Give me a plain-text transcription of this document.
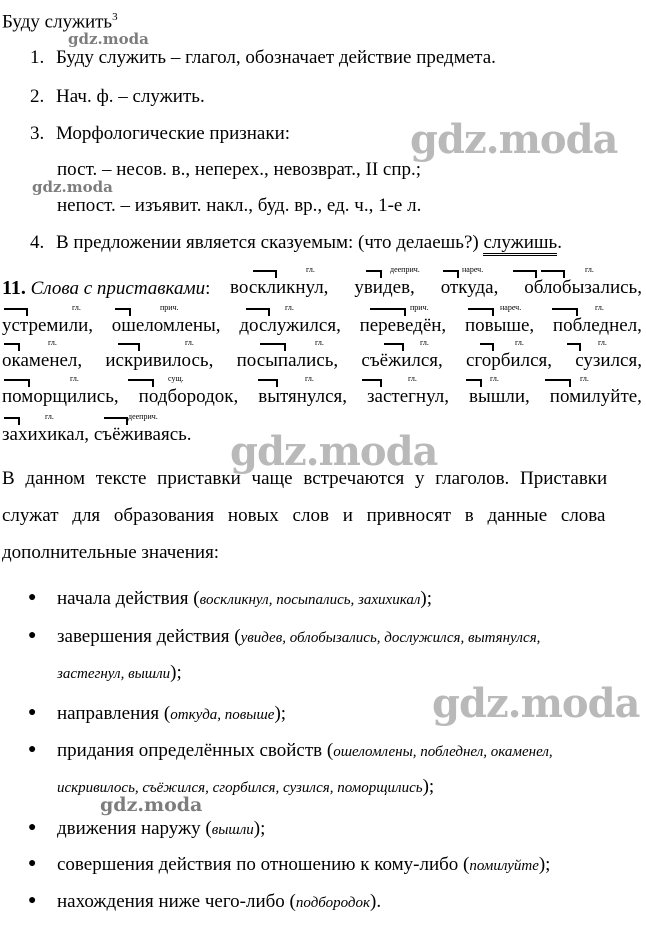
Буду служить$^3$
1. Буду служить – глагол, обозначает действие предмета.
2. Нач. ф. – служить.
3. Морфологические признаки:
пост. – несов. в., неперех., невозврат., II спр.;
непост. – изъявит. накл., буд. вр., ед. ч., 1-е л.
4. В предложении является сказуемым: (что делаешь?) служишь.
11. Слова с приставками: воскликнул, увидев, откуда, облобызались,
устремили, ошеломлены, дослужился, переведён, повыше, побледнел,
окаменел, искривилось, посыпались, съёжился, сгорбился, сузился,
поморщились, подбородок, вытянулся, застегнул, вышли, помилуйте,
захихикал, съёживаясь.
гл.	дееприч.	нареч.	гл.
гл.	прич.	гл.	прич.	нареч.	гл.
гл.	гл.	гл.	гл.	гл.	гл.
гл.	сущ.	гл.	гл.	гл.	гл.
гл.	дееприч.
В данном тексте приставки чаще встречаются у глаголов. Приставки
служат для образования новых слов и привносят в данные слова
дополнительные значения:
● начала действия (воскликнул, посыпались, захихикал);
● завершения действия (увидев, облобызались, дослужился, вытянулся,
застегнул, вышли);
● направления (откуда, повыше);
● придания определённых свойств (ошеломлены, побледнел, окаменел,
искривилось, съёжился, сгорбился, сузился, поморщились);
● движения наружу (вышли);
● совершения действия по отношению к кому-либо (помилуйте);
● нахождения ниже чего-либо (подбородок).
gdz.moda
gdz.moda
gdz.moda
gdz.moda
gdz.moda
gdz.moda
